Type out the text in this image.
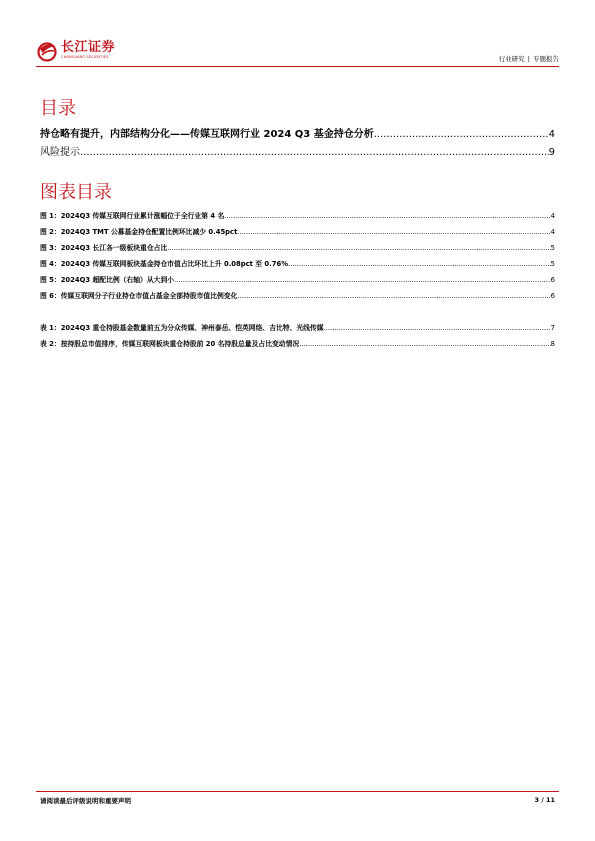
长江证券
CHANGJIANG SECURITIES	行业研究 | 专题报告
目录
持仓略有提升，内部结构分化——传媒互联网行业 2024 Q3 基金持仓分析 .....	4
风险提示 .....	9
图表目录
图 1：2024Q3 传媒互联网行业累计涨幅位于全行业第 4 名 .....	4
图 2：2024Q3 TMT 公募基金持仓配置比例环比减少 0.45pct .....	4
图 3：2024Q3 长江各一级板块重仓占比 .....	5
图 4：2024Q3 传媒互联网板块基金持仓市值占比环比上升 0.08pct 至 0.76% .....	5
图 5：2024Q3 超配比例（右轴）从大到小 .....	6
图 6：传媒互联网分子行业持仓市值占基金全部持股市值比例变化 .....	6
表 1：2024Q3 重仓持股基金数量前五为分众传媒、神州泰岳、恺英网络、吉比特、光线传媒 .....	7
表 2：按持股总市值排序，传媒互联网板块重仓持股前 20 名持股总量及占比变动情况 .....	8
请阅读最后评级说明和重要声明	3 / 11
